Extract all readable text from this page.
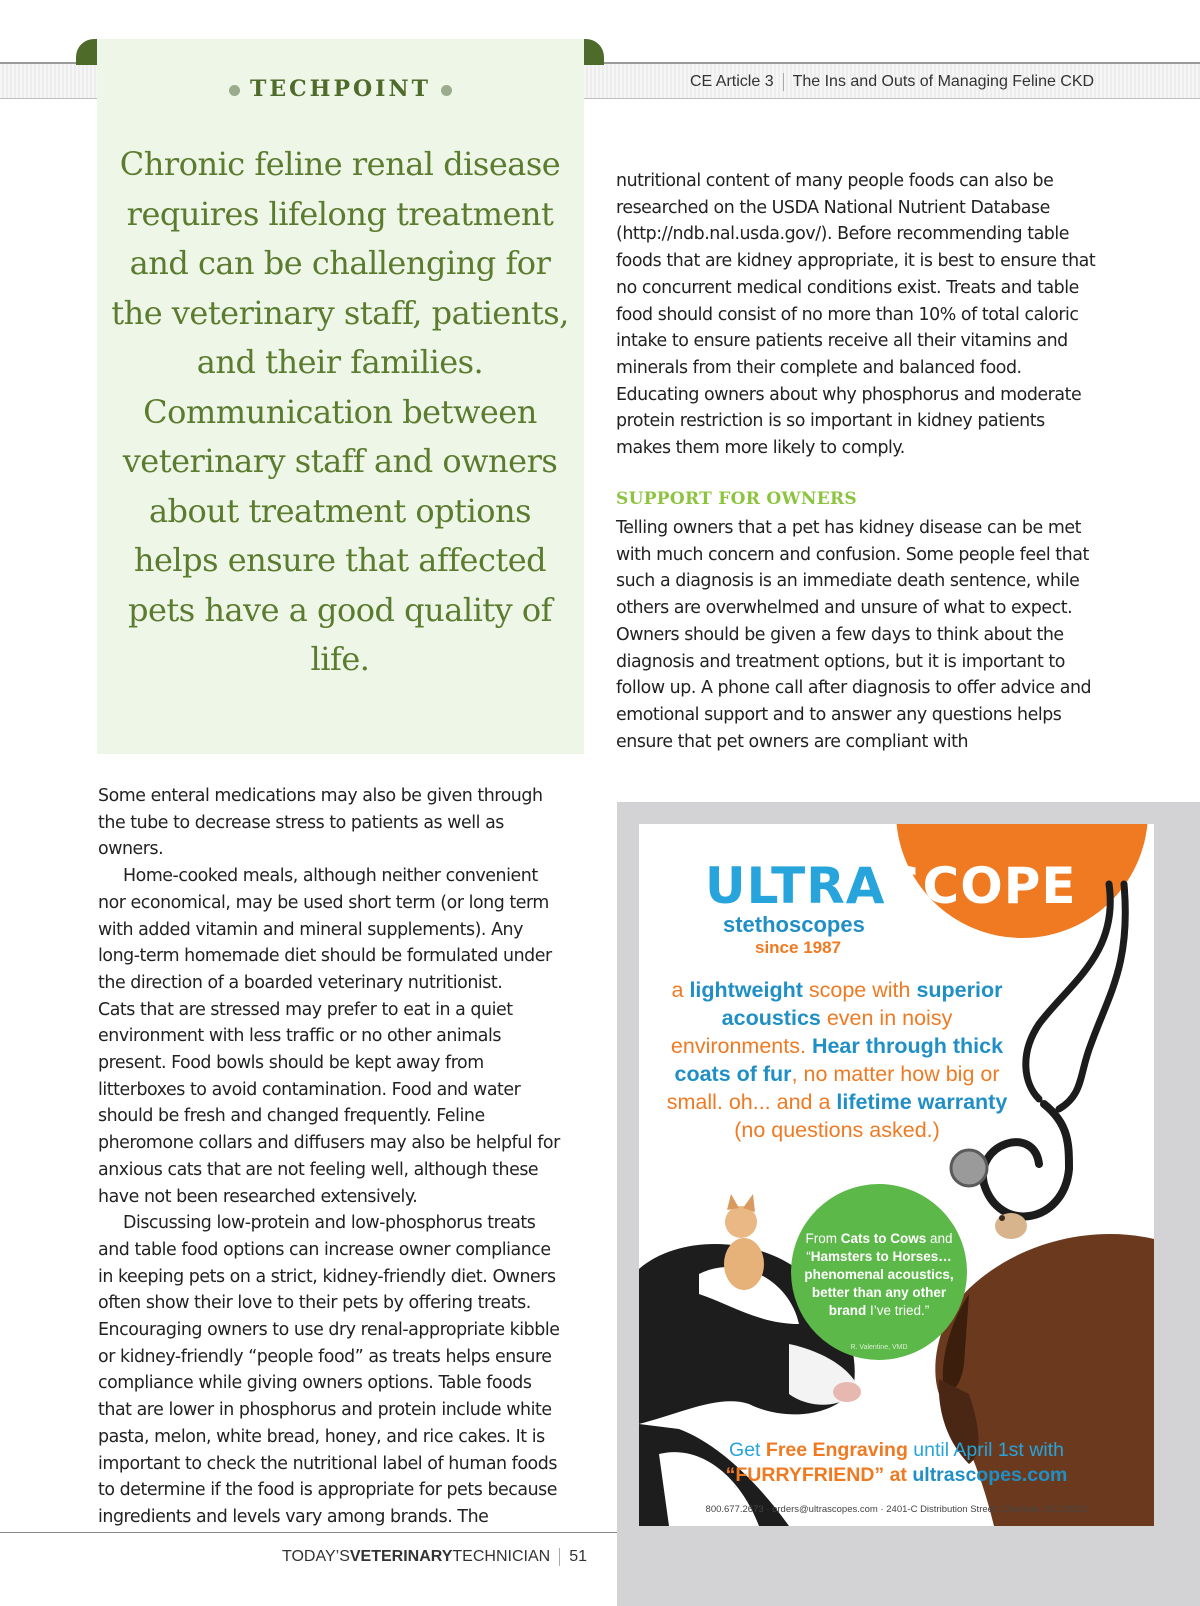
CE Article 3 The Ins and Outs of Managing Feline CKD
TECHPOINT
Chronic feline renal disease requires lifelong treatment and can be challenging for the veterinary staff, patients, and their families. Communication between veterinary staff and owners about treatment options helps ensure that affected pets have a good quality of life.

nutritional content of many people foods can also be researched on the USDA National Nutrient Database (http://ndb.nal.usda.gov/). Before recommending table foods that are kidney appropriate, it is best to ensure that no concurrent medical conditions exist. Treats and table food should consist of no more than 10% of total caloric intake to ensure patients receive all their vitamins and minerals from their complete and balanced food. Educating owners about why phosphorus and moderate protein restriction is so important in kidney patients makes them more likely to comply.

SUPPORT FOR OWNERS

Telling owners that a pet has kidney disease can be met with much concern and confusion. Some people feel that such a diagnosis is an immediate death sentence, while others are overwhelmed and unsure of what to expect. Owners should be given a few days to think about the diagnosis and treatment options, but it is important to follow up. A phone call after diagnosis to offer advice and emotional support and to answer any questions helps ensure that pet owners are compliant with

Some enteral medications may also be given through the tube to decrease stress to patients as well as owners.

Home-cooked meals, although neither convenient nor economical, may be used short term (or long term with added vitamin and mineral supplements). Any long-term homemade diet should be formulated under the direction of a boarded veterinary nutritionist.

Cats that are stressed may prefer to eat in a quiet environment with less traffic or no other animals present. Food bowls should be kept away from litterboxes to avoid contamination. Food and water should be fresh and changed frequently. Feline pheromone collars and diffusers may also be helpful for anxious cats that are not feeling well, although these have not been researched extensively.

Discussing low-protein and low-phosphorus treats and table food options can increase owner compliance in keeping pets on a strict, kidney-friendly diet. Owners often show their love to their pets by offering treats. Encouraging owners to use dry renal-appropriate kibble or kidney-friendly “people food” as treats helps ensure compliance while giving owners options. Table foods that are lower in phosphorus and protein include white pasta, melon, white bread, honey, and rice cakes. It is important to check the nutritional label of human foods to determine if the food is appropriate for pets because ingredients and levels vary among brands. The

TODAY’SVETERINARYTECHNICIAN 51
ULTRASCOPE
stethoscopes
since 1987
a lightweight scope with superior acoustics even in noisy environments. Hear through thick coats of fur, no matter how big or small. oh... and a lifetime warranty
(no questions asked.)
From Cats to Cows and “Hamsters to Horses… phenomenal acoustics, better than any other brand I’ve tried.”
R. Valentine, VMD
Get Free Engraving until April 1st with
“FURRYFRIEND” at ultrascopes.com
800.677.2673 · orders@ultrascopes.com · 2401-C Distribution Street, Charlotte, NC 28203
